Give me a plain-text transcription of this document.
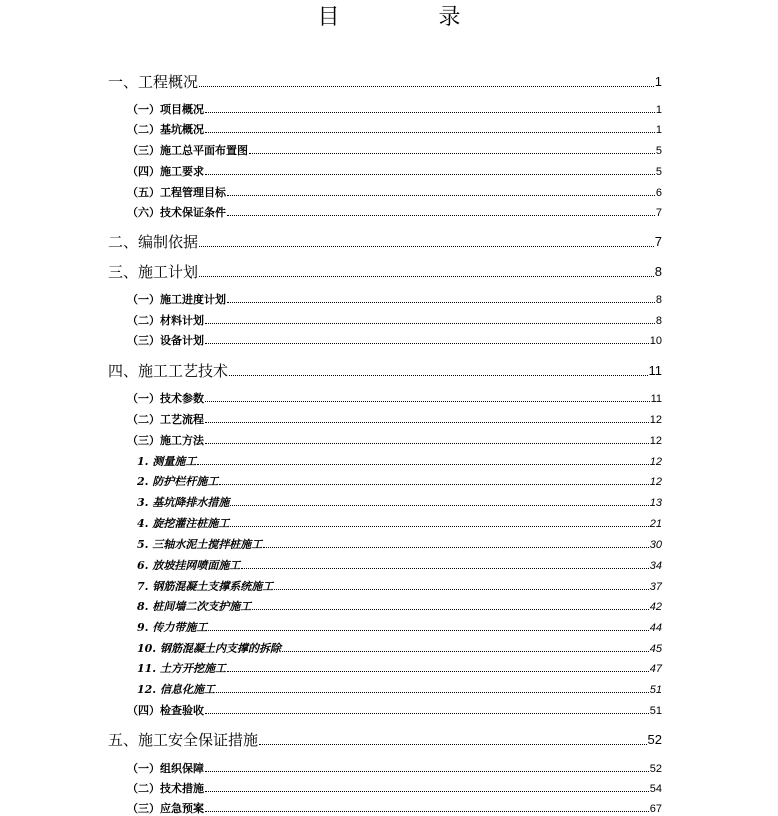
目 录
一、工程概况	1
（一）项目概况	1
（二）基坑概况	1
（三）施工总平面布置图	5
（四）施工要求	5
（五）工程管理目标	6
（六）技术保证条件	7
二、编制依据	7
三、施工计划	8
（一）施工进度计划	8
（二）材料计划	8
（三）设备计划	10
四、施工工艺技术	11
（一）技术参数	11
（二）工艺流程	12
（三）施工方法	12
1. 测量施工	12
2. 防护栏杆施工	12
3. 基坑降排水措施	13
4. 旋挖灌注桩施工	21
5. 三轴水泥土搅拌桩施工	30
6. 放坡挂网喷面施工	34
7. 钢筋混凝土支撑系统施工	37
8. 桩间墙二次支护施工	42
9. 传力带施工	44
10. 钢筋混凝土内支撑的拆除	45
11. 土方开挖施工	47
12. 信息化施工	51
（四）检查验收	51
五、施工安全保证措施	52
（一）组织保障	52
（二）技术措施	54
（三）应急预案	67
